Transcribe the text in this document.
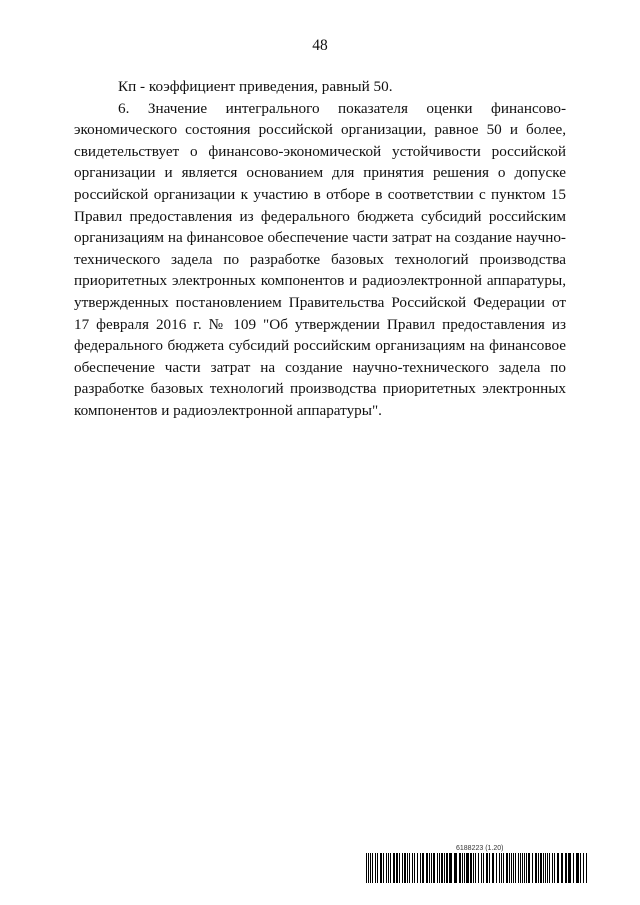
48

Кп - коэффициент приведения, равный 50.

6. Значение интегрального показателя оценки финансово-экономического состояния российской организации, равное 50 и более, свидетельствует о финансово-экономической устойчивости российской организации и является основанием для принятия решения о допуске российской организации к участию в отборе в соответствии с пунктом 15 Правил предоставления из федерального бюджета субсидий российским организациям на финансовое обеспечение части затрат на создание научно-технического задела по разработке базовых технологий производства приоритетных электронных компонентов и радиоэлектронной аппаратуры, утвержденных постановлением Правительства Российской Федерации от 17 февраля 2016 г. № 109 "Об утверждении Правил предоставления из федерального бюджета субсидий российским организациям на финансовое обеспечение части затрат на создание научно-технического задела по разработке базовых технологий производства приоритетных электронных компонентов и радиоэлектронной аппаратуры".

6188223 (1.20)
